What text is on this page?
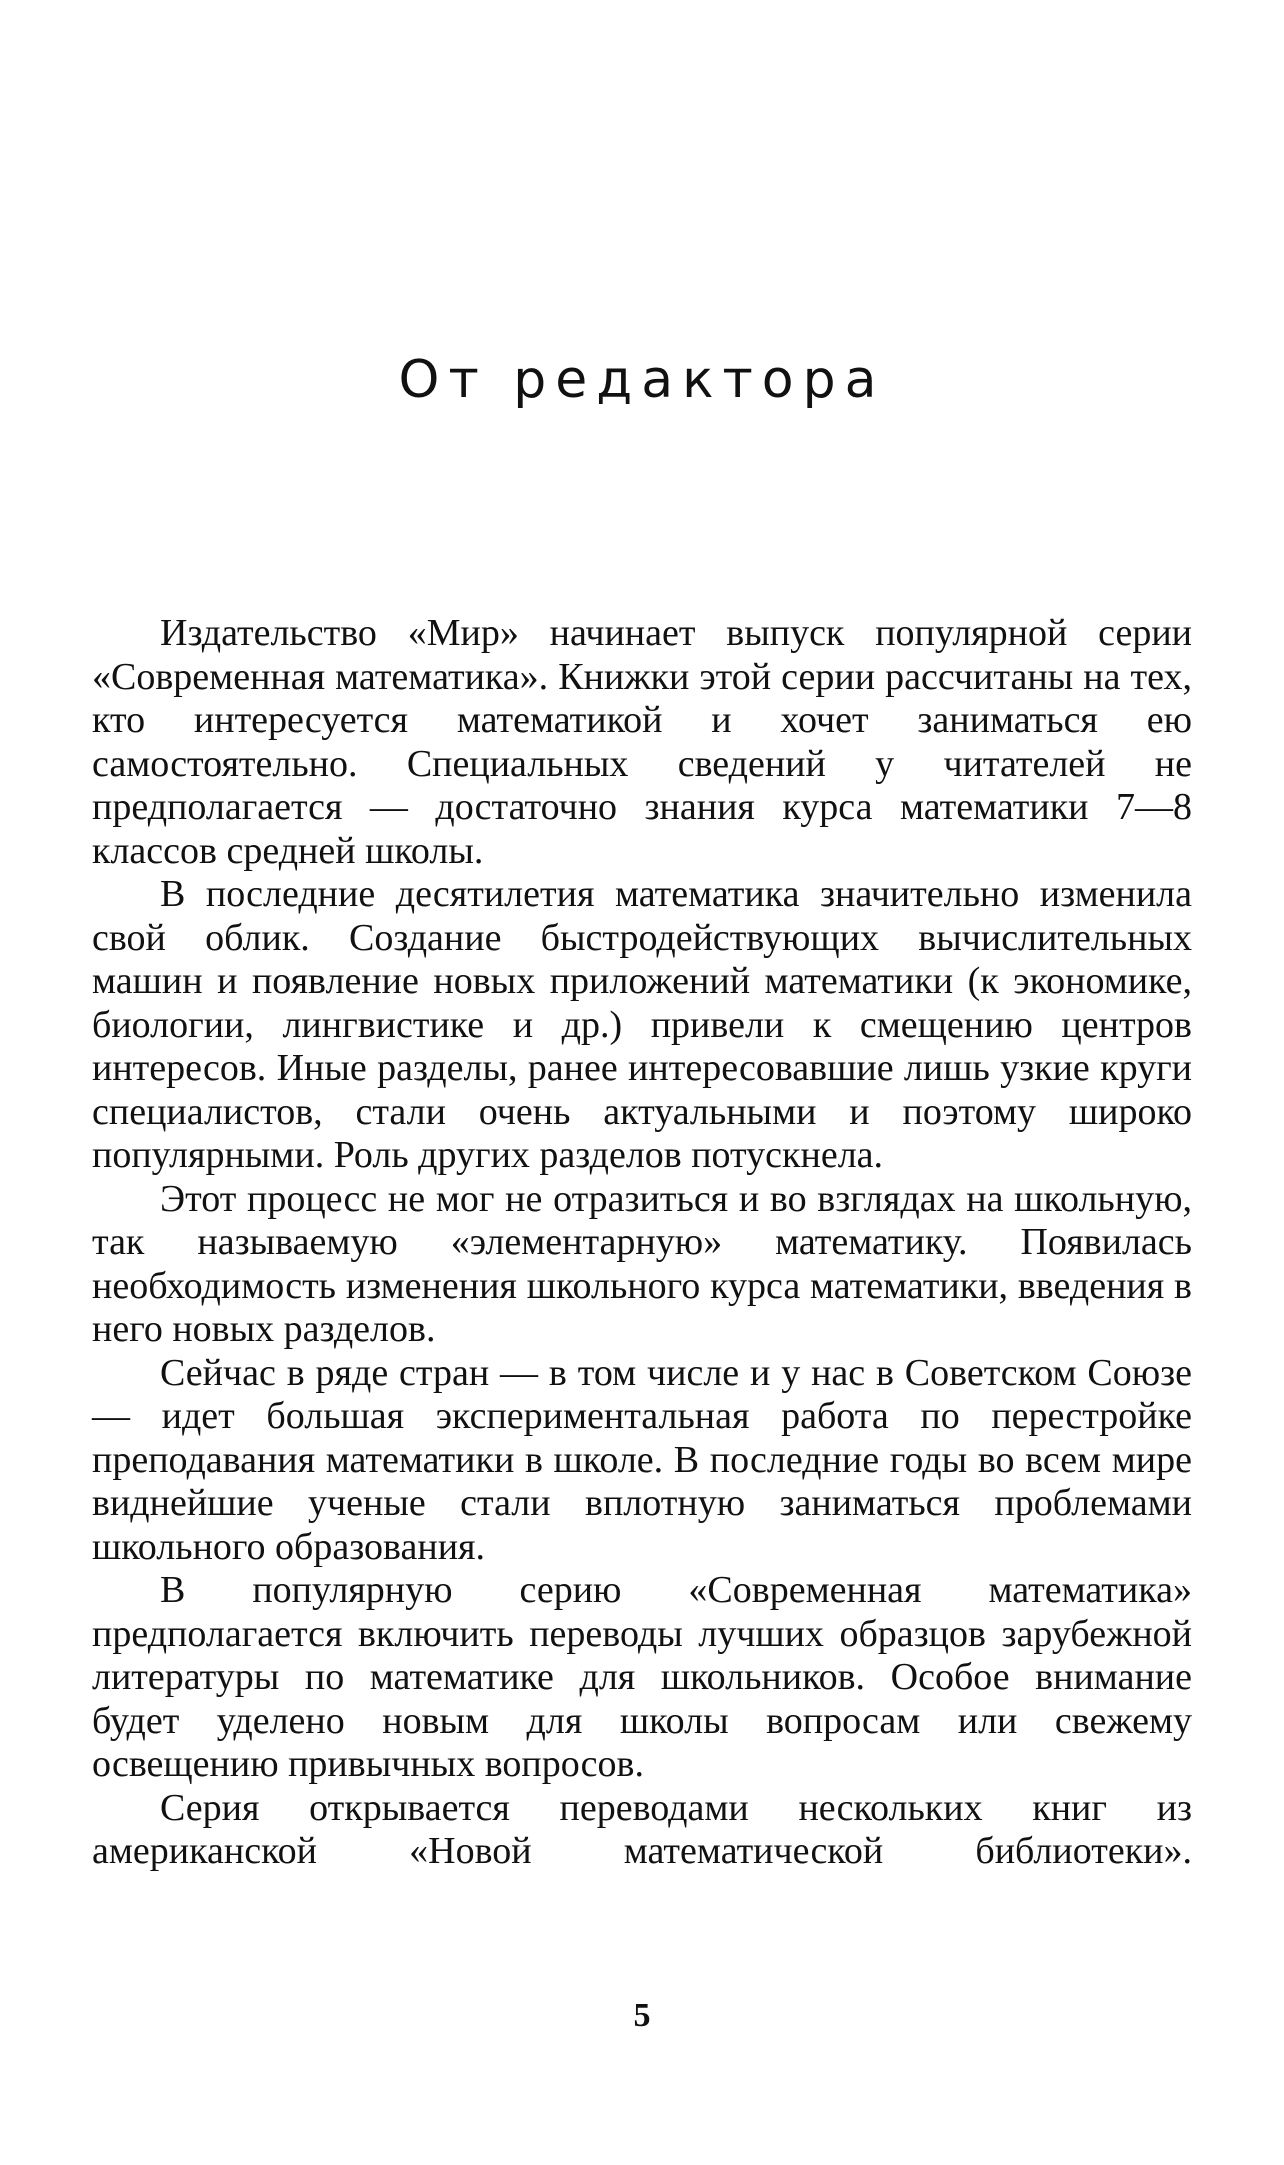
От редактора

Издательство «Мир» начинает выпуск популярной серии «Современная математика». Книжки этой серии рассчитаны на тех, кто интересуется математикой и хочет заниматься ею самостоятельно. Специальных сведений у читателей не предполагается — достаточно знания курса математики 7—8 классов средней школы.

В последние десятилетия математика значительно изменила свой облик. Создание быстродействующих вычислительных машин и появление новых приложений математики (к экономике, биологии, лингвистике и др.) привели к смещению центров интересов. Иные разделы, ранее интересовавшие лишь узкие круги специалистов, стали очень актуальными и поэтому широко популярными. Роль других разделов потускнела.

Этот процесс не мог не отразиться и во взглядах на школьную, так называемую «элементарную» математику. Появилась необходимость изменения школьного курса математики, введения в него новых разделов.

Сейчас в ряде стран — в том числе и у нас в Советском Союзе — идет большая экспериментальная работа по перестройке преподавания математики в школе. В последние годы во всем мире виднейшие ученые стали вплотную заниматься проблемами школьного образования.

В популярную серию «Современная математика» предполагается включить переводы лучших образцов зарубежной литературы по математике для школьников. Особое внимание будет уделено новым для школы вопросам или свежему освещению привычных вопросов.

Серия открывается переводами нескольких книг из американской «Новой математической библиотеки».

5
